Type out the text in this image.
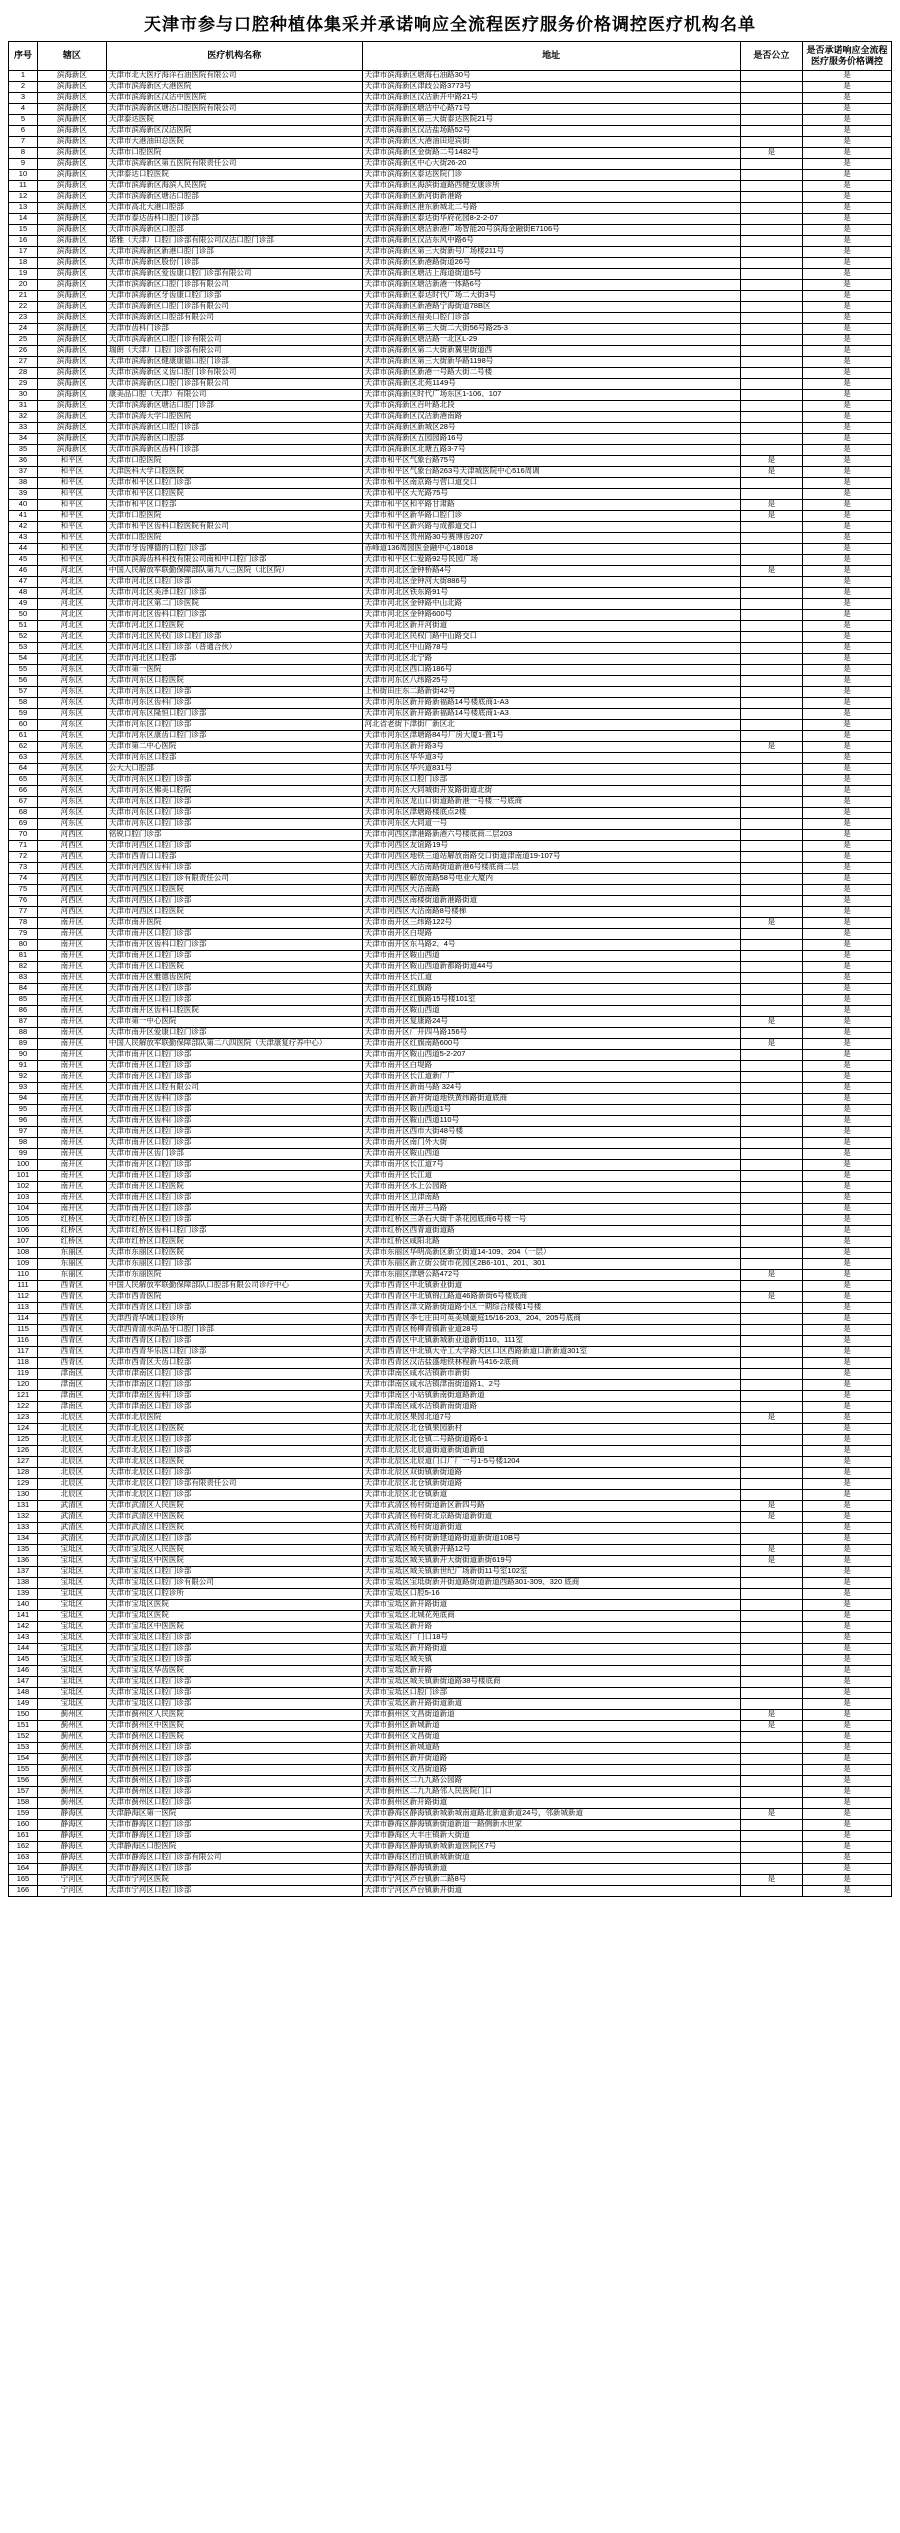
天津市参与口腔种植体集采并承诺响应全流程医疗服务价格调控医疗机构名单
序号	辖区	医疗机构名称	地址	是否公立	是否承诺响应全流程医疗服务价格调控
1	滨海新区	天津市北大医疗海洋石油医院有限公司	天津市滨海新区塘海石油路30号		是
2	滨海新区	天津市滨海新区大港医院	天津市滨海新区津歧公路3773号		是
3	滨海新区	天津市滨海新区汉沽中医医院	天津市滨海新区汉沽新开中路21号		是
4	滨海新区	天津市滨海新区塘沽口腔医院有限公司	天津市滨海新区塘沽中心路71号		是
5	滨海新区	天津泰达医院	天津市滨海新区第三大街泰达医院21号		是
6	滨海新区	天津市滨海新区汉沽医院	天津市滨海新区汉沽盐场路52号		是
7	滨海新区	天津市大港油田总医院	天津市滨海新区大港油田迎宾街		是
8	滨海新区	天津市口腔医院	天津市滨海新区金街路二号1482号	是	是
9	滨海新区	天津市滨海新区第五医院有限责任公司	天津市滨海新区中心大街26-20		是
10	滨海新区	天津泰达口腔医院	天津市滨海新区泰达医院门诊		是
11	滨海新区	天津市滨海新区海滨人民医院	天津市滨海新区海滨街道路西健安康诊所		是
12	滨海新区	天津市滨海新区塘沽口腔部	天津市滨海新区新河街新港路		是
13	滨海新区	天津市高北大港口腔部	天津市滨海新区港东新城北二号路		是
14	滨海新区	天津市泰达齿科口腔门诊部	天津市滨海新区泰达街华府花园8-2-2-07		是
15	滨海新区	天津市滨海新区口腔部	天津市滨海新区塘沽新港广场智能20号滨海金融街E7106号		是
16	滨海新区	诺雅（天津）口腔门诊部有限公司汉沽口腔门诊部	天津市滨海新区汉沽东风中路6号		是
17	滨海新区	天津市滨海新区新港口腔门诊部	天津市滨海新区第三大街新号广场楼211号		是
18	滨海新区	天津市滨海新区股份门诊部	天津市滨海新区新港路街道26号		是
19	滨海新区	天津市滨海新区爱齿康口腔门诊部有限公司	天津市滨海新区塘沽上海道街道5号		是
20	滨海新区	天津市滨海新区口腔门诊部有限公司	天津市滨海新区塘沽新港一体路6号		是
21	滨海新区	天津市滨海新区牙齿康口腔门诊部	天津市滨海新区泰达时代广场二大街3号		是
22	滨海新区	天津市滨海新区口腔门诊部有限公司	天津市滨海新区新港路宁海街道78B区		是
23	滨海新区	天津市滨海新区口腔部有限公司	天津市滨海新区福美口腔门诊部		是
24	滨海新区	天津市齿科门诊部	天津市滨海新区第三大街二大街56号路25-3		是
25	滨海新区	天津市滨海新区口腔门诊有限公司	天津市滨海新区塘沽路一北区L-29		是
26	滨海新区	瑞朗（天津）口腔门诊部有限公司	天津市滨海新区第二大街新翼里街道西		是
27	滨海新区	天津市滨海新区健康康德口腔门诊部	天津市滨海新区第三大街新华路1198号		是
28	滨海新区	天津市滨海新区义齿口腔门诊有限公司	天津市滨海新区新港一号路大街二号楼		是
29	滨海新区	天津市滨海新区口腔门诊部有限公司	天津市滨海新区北苑1149号		是
30	滨海新区	康美品口腔（天津）有限公司	天津市滨海新区时代广场东区1-106、107		是
31	滨海新区	天津市滨海新区塘沽口腔门诊部	天津市滨海新区百叶路北段		是
32	滨海新区	天津市滨海大学口腔医院	天津市滨海新区汉沽新港南路		是
33	滨海新区	天津市滨海新区口腔门诊部	天津市滨海新区新城区28号		是
34	滨海新区	天津市滨海新区口腔部	天津市滨海新区五园园路16号		是
35	滨海新区	天津市滨海新区齿科门诊部	天津市滨海新区北塘五路3-7号		是
36	和平区	天津市口腔医院	天津市和平区气象台路75号	是	是
37	和平区	天津医科大学口腔医院	天津市和平区气象台路263号天津城医院中心516周调	是	是
38	和平区	天津市和平区口腔门诊部	天津市和平区南京路与营口道交口		是
39	和平区	天津市和平区口腔医院	天津市和平区大光路75号		是
40	和平区	天津市和平区口腔部	天津市和平区和平路甘肃路	是	是
41	和平区	天津市口腔医院	天津市和平区新华路口腔门诊	是	是
42	和平区	天津市和平区齿科口腔医院有限公司	天津市和平区新兴路与成都道交口		是
43	和平区	天津市口腔医院	天津市和平区贵州路30号赛博齿207		是
44	和平区	天津市牙齿博德的口腔门诊部	赤峰道136周园医金融中心18018		是
45	和平区	天津市滨海齿科科技有限公司南和中口腔门诊部	天津市和平区仁爱路92号民园广场		是
46	河北区	中国人民解放军联勤保障部队第九八三医院（北区院）	天津市河北区金钟桥路4号	是	是
47	河北区	天津市河北区口腔门诊部	天津市河北区金钟河大街886号		是
48	河北区	天津市河北区美泽口腔门诊部	天津市河北区铁东路91号		是
49	河北区	天津市河北区第二门诊医院	天津市河北区金钟路中山北路		是
50	河北区	天津市河北区齿科口腔门诊部	天津市河北区金钟路600号		是
51	河北区	天津市河北区口腔医院	天津市河北区新开河街道		是
52	河北区	天津市河北区民权门诊口腔门诊部	天津市河北区民权门路中山路交口		是
53	河北区	天津市河北区口腔门诊部（普通合伙）	天津市河北区中山路78号		是
54	河北区	天津市河北区口腔部	天津市河北区北宁路		是
55	河东区	天津市第一医院	天津市河北区西口路186号		是
56	河东区	天津市河东区口腔医院	天津市河东区八纬路25号		是
57	河东区	天津市河东区口腔门诊部	上和街田庄东二路新街42号		是
58	河东区	天津市河东区齿科门诊部	天津市河东区新开路新福路14号楼底商1-A3		是
59	河东区	天津市河东区隆恒口腔门诊部	天津市河东区新开路新福路14号楼底商1-A3		是
60	河东区	天津市河东区口腔门诊部	河北省老街下津街厂新区北		是
61	河东区	天津市河东区康齿口腔门诊部	天津市河东区津塘路84号厂房大厦1-置1号		是
62	河东区	天津市第二中心医院	天津市河东区新开路3号	是	是
63	河东区	天津市河东区口腔部	天津市河东区华华道3号		是
64	河东区	公大大口腔部	天津市河东区华兴道831号		是
65	河东区	天津市河东区口腔门诊部	天津市河东区口腔门诊部		是
66	河东区	天津市河东区佛美口腔院	天津市河东区大同城街开发路街道北街		是
67	河东区	天津市河东区口腔门诊部	天津市河东区龙山口街道路新港一号楼一号底商		是
68	河东区	天津市河东区口腔门诊部	天津市河东区津塘路楼底点2楼		是
69	河东区	天津市河东区口腔门诊部	天津市河东区大同道一号		是
70	河西区	铭锐口腔门诊部	天津市河西区津港路新港六号楼底商二层203		是
71	河西区	天津市河西区口腔门诊部	天津市河西区友谊路19号		是
72	河西区	天津市西青口口腔部	天津市河西区地铁三道站解放南路交口街道津南道19-107号		是
73	河西区	天津市河西区齿科门诊部	天津市河西区大沽南路街道新港6号楼底商二层		是
74	河西区	天津市河西区口腔门诊有限责任公司	天津市河西区解放南路58号电业大厦内		是
75	河西区	天津市河西区口腔医院	天津市河西区大沽南路		是
76	河西区	天津市河西区口腔门诊部	天津市河西区南楼街道新港路街道		是
77	河西区	天津市河西区口腔医院	天津市河西区大沽南路8号楼梯		是
78	南开区	天津市南开医院	天津市南开区三纬路122号	是	是
79	南开区	天津市南开区口腔门诊部	天津市南开区白堤路		是
80	南开区	天津市南开区齿科口腔门诊部	天津市南开区东马路2、4号		是
81	南开区	天津市南开区口腔门诊部	天津市南开区鞍山西道		是
82	南开区	天津市南开区口腔医院	天津市南开区鞍山西道新都路街道44号		是
83	南开区	天津市南开区雅德齿医院	天津市南开区长江道		是
84	南开区	天津市南开区口腔门诊部	天津市南开区红旗路		是
85	南开区	天津市南开区口腔门诊部	天津市南开区红旗路15号楼101室		是
86	南开区	天津市南开区齿科口腔医院	天津市南开区鞍山西道		是
87	南开区	天津市第一中心医院	天津市南开区复康路24号	是	是
88	南开区	天津市南开区爱康口腔门诊部	天津市南开区广开四马路156号		是
89	南开区	中国人民解放军联勤保障部队第二八四医院（天津康复疗养中心）	天津市南开区红旗南路600号	是	是
90	南开区	天津市南开区口腔门诊部	天津市南开区鞍山西道5-2-207		是
91	南开区	天津市南开区口腔门诊部	天津市南开区白堤路		是
92	南开区	天津市南开区口腔门诊部	天津市南开区长江道新广厂		是
93	南开区	天津市南开区口腔有限公司	天津市南开区新南马路 324号		是
94	南开区	天津市南开区齿科门诊部	天津市南开区新开街道地铁黄纬路街道底商		是
95	南开区	天津市南开区口腔门诊部	天津市南开区鞍山西道1号		是
96	南开区	天津市南开区齿科门诊部	天津市南开区鞍山西道110号		是
97	南开区	天津市南开区口腔门诊部	天津市南开区西市大街48号楼		是
98	南开区	天津市南开区口腔门诊部	天津市南开区南门外大街		是
99	南开区	天津市南开区齿门诊部	天津市南开区鞍山西道		是
100	南开区	天津市南开区口腔门诊部	天津市南开区长江道7号		是
101	南开区	天津市南开区口腔门诊部	天津市南开区长江道		是
102	南开区	天津市南开区口腔医院	天津市南开区水上公园路		是
103	南开区	天津市南开区口腔门诊部	天津市南开区卫津南路		是
104	南开区	天津市南开区口腔门诊部	天津市南开区南开三马路		是
105	红桥区	天津市红桥区口腔门诊部	天津市红桥区三条石大街千条花园底商6号楼一号		是
106	红桥区	天津市红桥区齿科口腔门诊部	天津市红桥区西青道街道路		是
107	红桥区	天津市红桥区口腔医院	天津市红桥区咸阳北路		是
108	东丽区	天津市东丽区口腔医院	天津市东丽区华明高新区新立街道14-109、204（一层）		是
109	东丽区	天津市东丽区口腔门诊部	天津市东丽区新立街公街市花园区2B6-101、201、301		是
110	东丽区	天津市东丽医院	天津市东丽区津塘公路472号	是	是
111	西青区	中国人民解放军联勤保障部队口腔部有限公司诊疗中心	天津市西青区中北镇新业街道		是
112	西青区	天津市西青医院	天津市西青区中北镇锦江路道46路新街6号楼底商	是	是
113	西青区	天津市西青区口腔门诊部	天津市西青区津文路新街道路小区一期综合楼楼1号楼		是
114	西青区	天津西青华域口腔诊所	天津市西青区李七庄田可英美城豪庭15/16-203、204、205号底商		是
115	西青区	天津西青清水尚品牙口腔门诊部	天津市西青区杨柳青镇新业道28号		是
116	西青区	天津市西青区口腔门诊部	天津市西青区中北镇新城新业道新街110、111室		是
117	西青区	天津市西青华乐医口腔门诊部	天津市西青区中北镇大寺工大学路天区口区西路新道口新新道301室		是
118	西青区	天津市西青区天齿口腔部	天津市西青区汉沽盐盛地铁林程新马416-2底商		是
119	津南区	天津市津南区口腔门诊部	天津市津南区咸水沽镇新市新街		是
120	津南区	天津市津南区口腔门诊部	天津市津南区咸水沽镇津南街道路1、2号		是
121	津南区	天津市津南区齿科门诊部	天津市津南区小站镇新南街道路新道		是
122	津南区	天津市津南区口腔门诊部	天津市津南区咸水沽镇新南街道路		是
123	北辰区	天津市北辰医院	天津市北辰区果园北道7号	是	是
124	北辰区	天津市北辰区口腔医院	天津市北辰区北仓镇果园新村		是
125	北辰区	天津市北辰区口腔门诊部	天津市北辰区北仓镇二号路街道路6-1		是
126	北辰区	天津市北辰区口腔门诊部	天津市北辰区北辰道街道新街道新道		是
127	北辰区	天津市北辰区口腔医院	天津市北辰区北辰道门口广厂一号1-5号楼1204		是
128	北辰区	天津市北辰区口腔门诊部	天津市北辰区双街镇新街道路		是
129	北辰区	天津市北辰区口腔门诊部有限责任公司	天津市北辰区北仓镇新街道路		是
130	北辰区	天津市北辰区口腔门诊部	天津市北辰区北仓镇新道		是
131	武清区	天津市武清区人民医院	天津市武清区杨村街道新区新四号路	是	是
132	武清区	天津市武清区中医医院	天津市武清区杨村街北京路街道新街道	是	是
133	武清区	天津市武清区口腔医院	天津市武清区杨村街道新街道		是
134	武清区	天津市武清区口腔门诊部	天津市武清区杨村街新建道路街道新街道10B号		是
135	宝坻区	天津市宝坻区人民医院	天津市宝坻区城关镇新开路12号	是	是
136	宝坻区	天津市宝坻区中医医院	天津市宝坻区城关镇新开大街街道新街619号	是	是
137	宝坻区	天津市宝坻区口腔门诊部	天津市宝坻区城关镇新世纪广场新街11号室102室		是
138	宝坻区	天津市宝坻区口腔门诊有限公司	天津市宝坻区宝坻街新开街道路街道新道西路301-309、320 底商		是
139	宝坻区	天津市宝坻区口腔诊所	天津市宝坻区口腔5-16		是
140	宝坻区	天津市宝坻区医院	天津市宝坻区新开路街道		是
141	宝坻区	天津市宝坻区医院	天津市宝坻区北城花苑底商		是
142	宝坻区	天津市宝坻区中医医院	天津市宝坻区新开路		是
143	宝坻区	天津市宝坻区口腔门诊部	天津市宝坻区广门口18号		是
144	宝坻区	天津市宝坻区口腔门诊部	天津市宝坻区新开路街道		是
145	宝坻区	天津市宝坻区口腔门诊部	天津市宝坻区城关镇		是
146	宝坻区	天津市宝坻区华齿医院	天津市宝坻区新开路		是
147	宝坻区	天津市宝坻区口腔门诊部	天津市宝坻区城关镇新街道路38号楼底商		是
148	宝坻区	天津市宝坻区口腔门诊部	天津市宝坻区口腔门诊部		是
149	宝坻区	天津市宝坻区口腔门诊部	天津市宝坻区新开路街道新道		是
150	蓟州区	天津市蓟州区人民医院	天津市蓟州区文昌街道新道	是	是
151	蓟州区	天津市蓟州区中医医院	天津市蓟州区新城新道	是	是
152	蓟州区	天津市蓟州区口腔医院	天津市蓟州区文昌街道		是
153	蓟州区	天津市蓟州区口腔门诊部	天津市蓟州区新城道路		是
154	蓟州区	天津市蓟州区口腔门诊部	天津市蓟州区新开街道路		是
155	蓟州区	天津市蓟州区口腔门诊部	天津市蓟州区文昌街道路		是
156	蓟州区	天津市蓟州区口腔门诊部	天津市蓟州区二九九路公园路		是
157	蓟州区	天津市蓟州区口腔门诊部	天津市蓟州区二九九路邻人民医院门口		是
158	蓟州区	天津市蓟州区口腔门诊部	天津市蓟州区新开路街道		是
159	静海区	天津静海区第一医院	天津市静海区静海镇新城新城南道路北新道新道24号，邻新城新道	是	是
160	静海区	天津市静海区口腔门诊部	天津市静海区静海镇新街道新道一路侧新水世家		是
161	静海区	天津市静海区口腔门诊部	天津市静海区大丰庄镇新大街道		是
162	静海区	天津静海区口腔医院	天津市静海区静海镇新城新道医院区7号		是
163	静海区	天津市静海区口腔门诊部有限公司	天津市静海区团泊镇新城新街道		是
164	静海区	天津市静海区口腔门诊部	天津市静海区静海镇新道		是
165	宁河区	天津市宁河区医院	天津市宁河区芦台镇新二路8号	是	是
166	宁河区	天津市宁河区口腔门诊部	天津市宁河区芦台镇新开街道		是
